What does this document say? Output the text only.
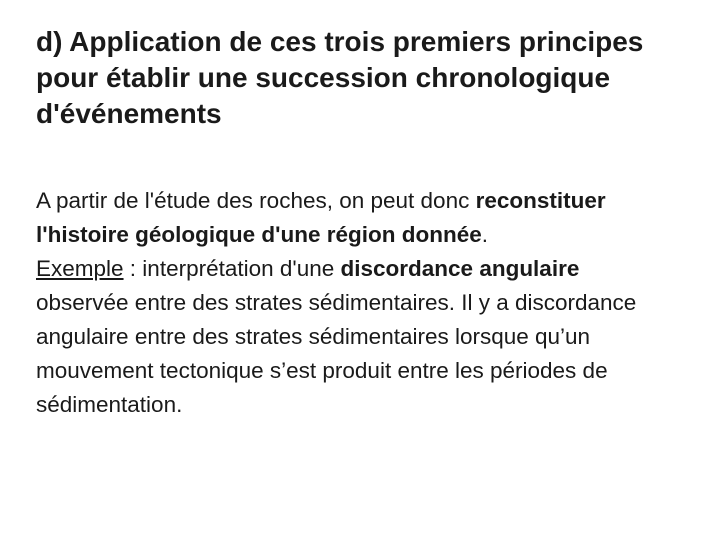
d) Application de ces trois premiers principes pour établir une succession chronologique d'événements

A partir de l'étude des roches, on peut donc reconstituer l'histoire géologique d'une région donnée.

Exemple : interprétation d'une discordance angulaire observée entre des strates sédimentaires. Il y a discordance angulaire entre des strates sédimentaires lorsque qu’un mouvement tectonique s’est produit entre les périodes de sédimentation.
